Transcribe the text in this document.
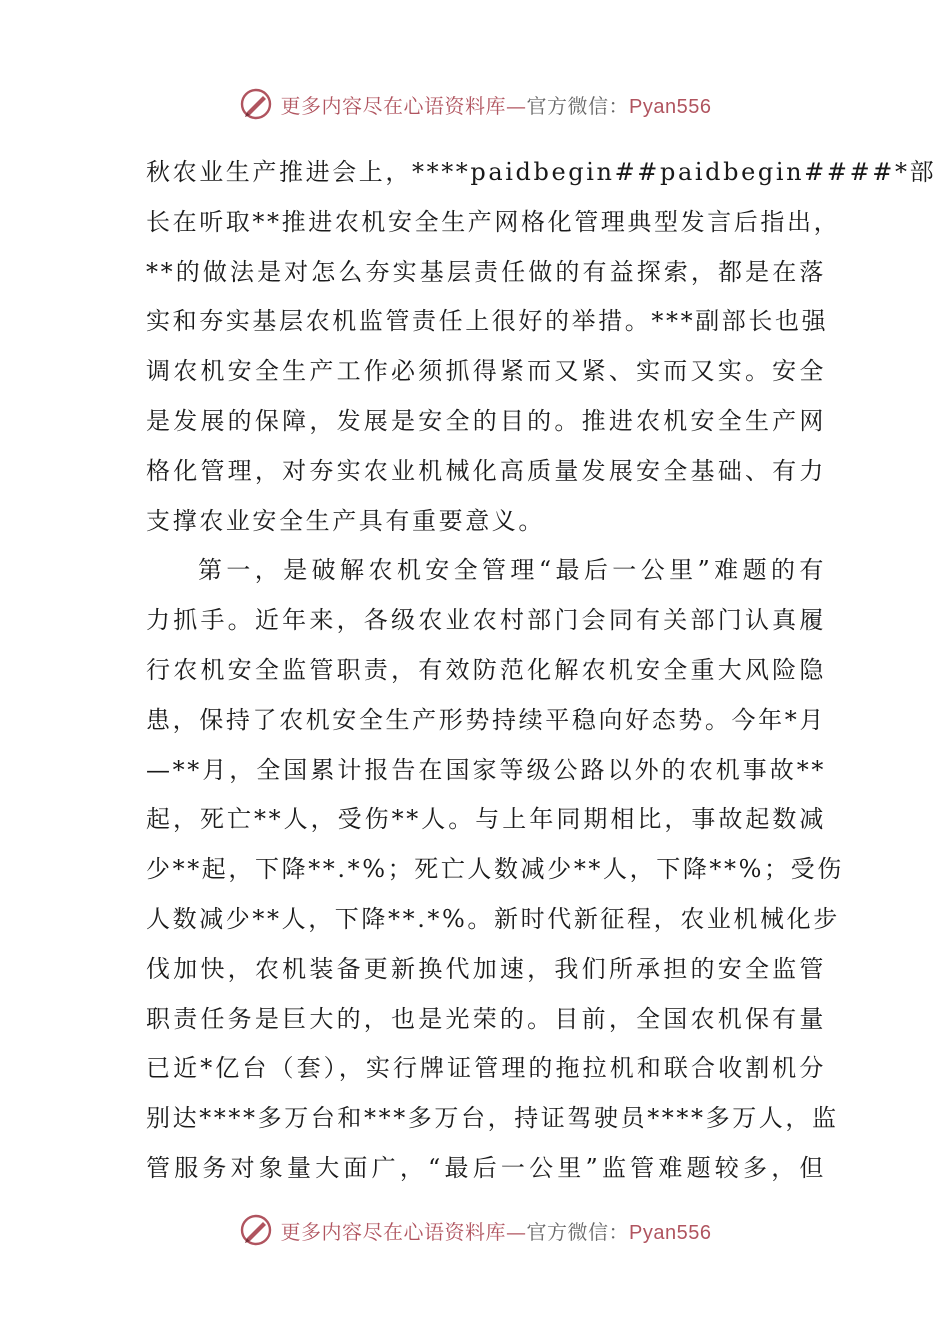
更多内容尽在心语资料库—官方微信：Pyan556
秋农业生产推进会上，****paidbegin##paidbegin####*部
长在听取**推进农机安全生产网格化管理典型发言后指出，
**的做法是对怎么夯实基层责任做的有益探索，都是在落
实和夯实基层农机监管责任上很好的举措。***副部长也强
调农机安全生产工作必须抓得紧而又紧、实而又实。安全
是发展的保障，发展是安全的目的。推进农机安全生产网
格化管理，对夯实农业机械化高质量发展安全基础、有力
支撑农业安全生产具有重要意义。
第一，是破解农机安全管理“最后一公里”难题的有
力抓手。近年来，各级农业农村部门会同有关部门认真履
行农机安全监管职责，有效防范化解农机安全重大风险隐
患，保持了农机安全生产形势持续平稳向好态势。今年*月
—**月，全国累计报告在国家等级公路以外的农机事故**
起，死亡**人，受伤**人。与上年同期相比，事故起数减
少**起，下降**.*%；死亡人数减少**人，下降**%；受伤
人数减少**人，下降**.*%。新时代新征程，农业机械化步
伐加快，农机装备更新换代加速，我们所承担的安全监管
职责任务是巨大的，也是光荣的。目前，全国农机保有量
已近*亿台（套），实行牌证管理的拖拉机和联合收割机分
别达****多万台和***多万台，持证驾驶员****多万人，监
管服务对象量大面广，“最后一公里”监管难题较多，但
更多内容尽在心语资料库—官方微信：Pyan556
